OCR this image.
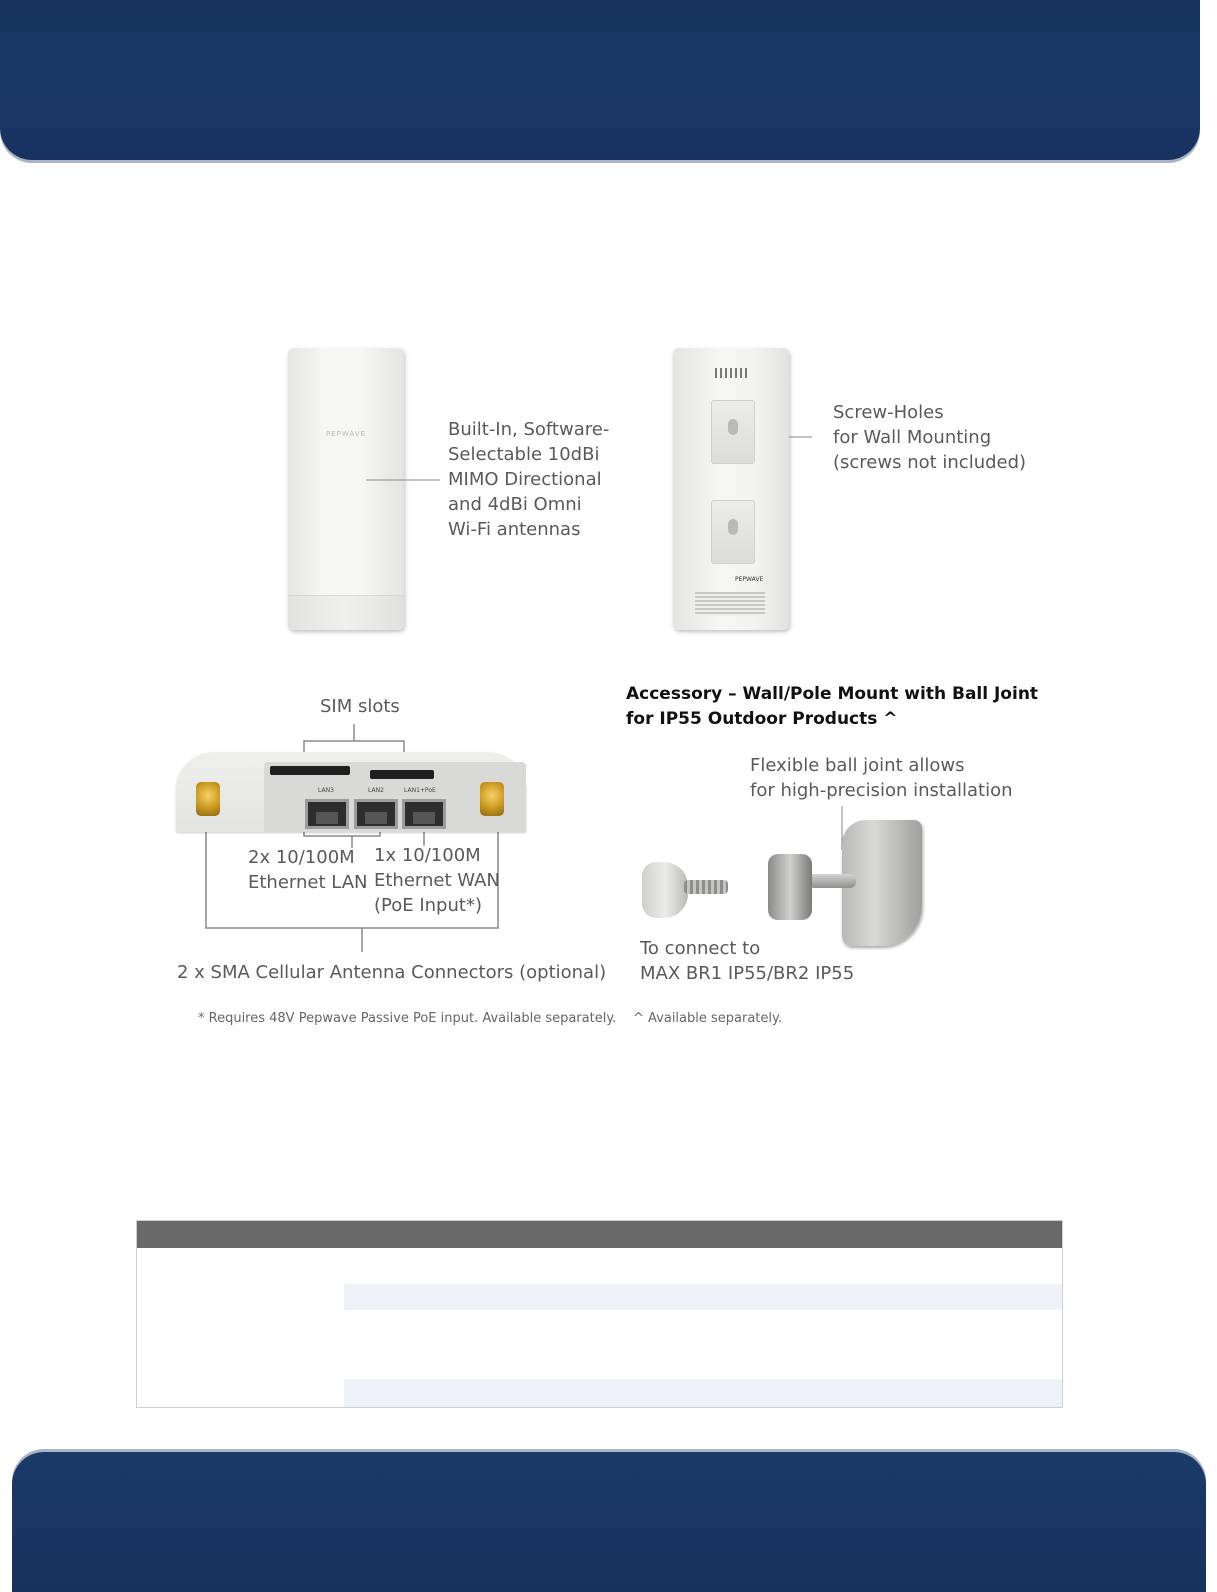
PEPWAVE	Built-In, Software-
Selectable 10dBi
MIMO Directional
and 4dBi Omni
Wi-Fi antennas
PEPWAVE
Screw-Holes
for Wall Mounting
(screws not included)
SIM slots
LAN3	LAN2	LAN1+PoE
2x 10/100M
Ethernet LAN
1x 10/100M
Ethernet WAN
(PoE Input*)
2 x SMA Cellular Antenna Connectors (optional)
Accessory – Wall/Pole Mount with Ball Joint
for IP55 Outdoor Products ^
Flexible ball joint allows
for high-precision installation
To connect to
MAX BR1 IP55/BR2 IP55
* Requires 48V Pepwave Passive PoE input. Available separately. ^ Available separately.
